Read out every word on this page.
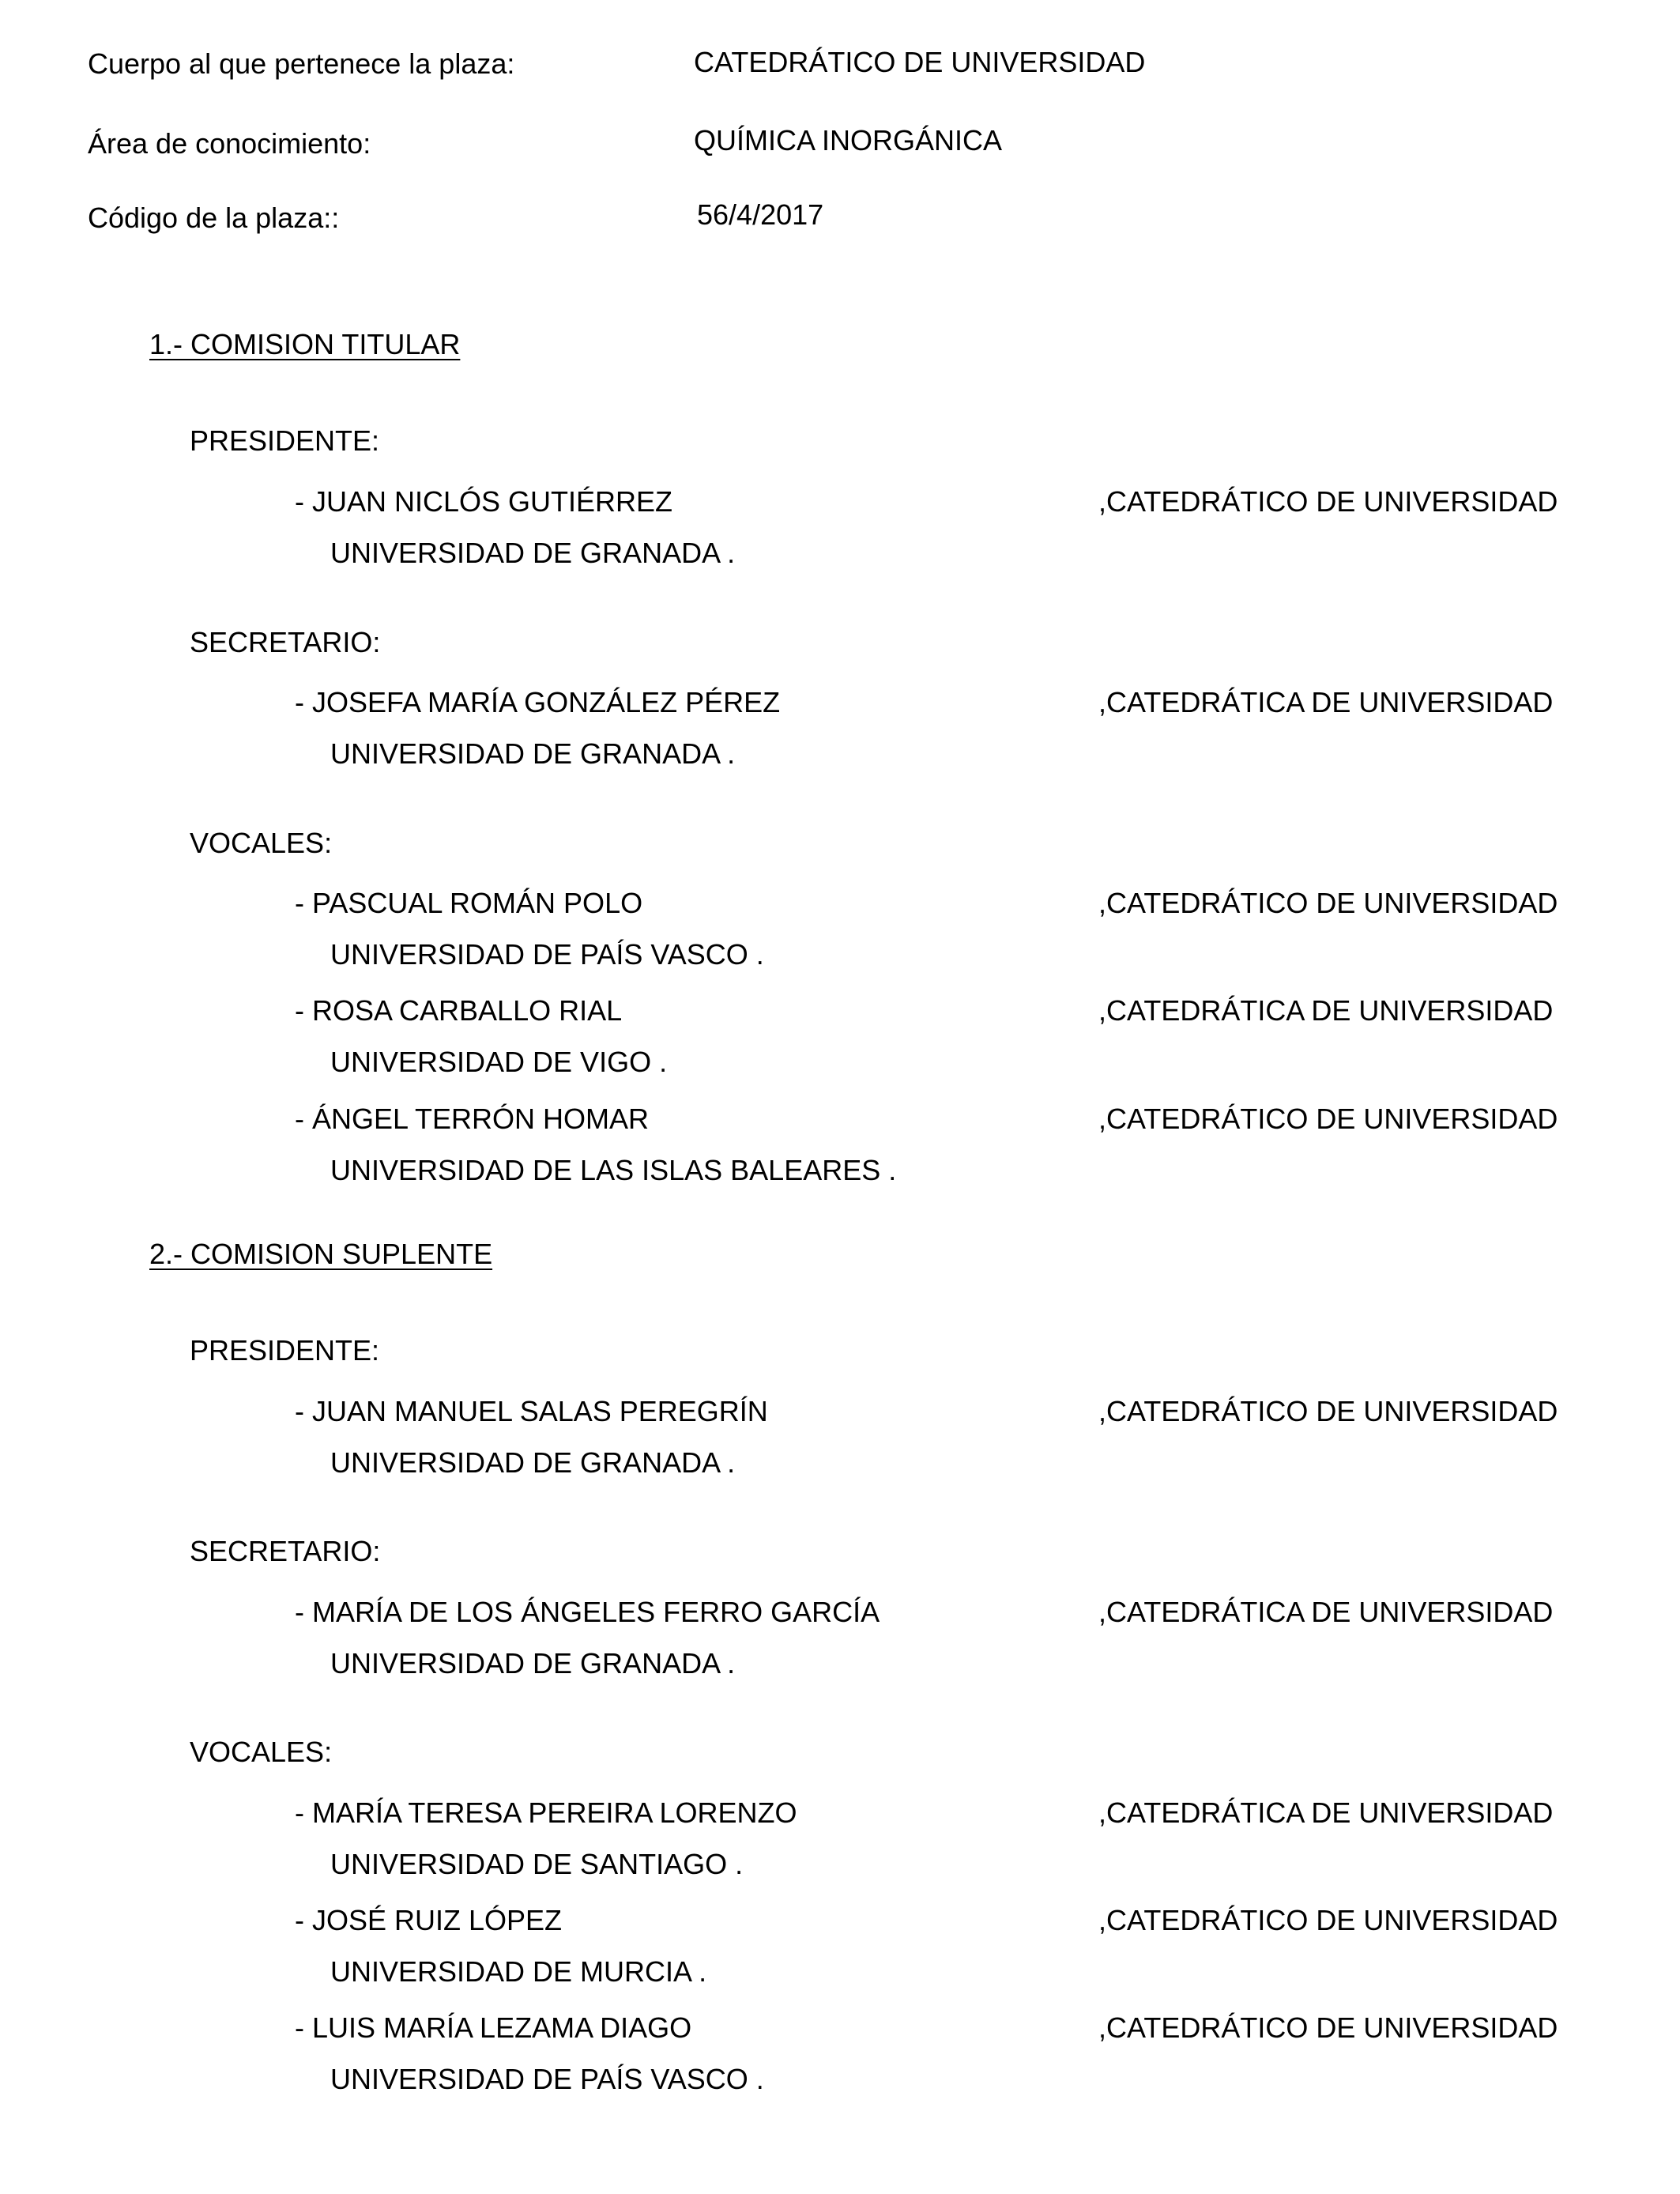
Cuerpo al que pertenece la plaza:	CATEDRÁTICO DE UNIVERSIDAD
Área de conocimiento:	QUÍMICA INORGÁNICA
Código de la plaza::	56/4/2017
1.- COMISION TITULAR
PRESIDENTE:
- JUAN NICLÓS GUTIÉRREZ	,CATEDRÁTICO DE UNIVERSIDAD
UNIVERSIDAD DE GRANADA .
SECRETARIO:
- JOSEFA MARÍA GONZÁLEZ PÉREZ	,CATEDRÁTICA DE UNIVERSIDAD
UNIVERSIDAD DE GRANADA .
VOCALES:
- PASCUAL ROMÁN POLO	,CATEDRÁTICO DE UNIVERSIDAD
UNIVERSIDAD DE PAÍS VASCO .
- ROSA CARBALLO RIAL	,CATEDRÁTICA DE UNIVERSIDAD
UNIVERSIDAD DE VIGO .
- ÁNGEL TERRÓN HOMAR	,CATEDRÁTICO DE UNIVERSIDAD
UNIVERSIDAD DE LAS ISLAS BALEARES .
2.- COMISION SUPLENTE
PRESIDENTE:
- JUAN MANUEL SALAS PEREGRÍN	,CATEDRÁTICO DE UNIVERSIDAD
UNIVERSIDAD DE GRANADA .
SECRETARIO:
- MARÍA DE LOS ÁNGELES FERRO GARCÍA	,CATEDRÁTICA DE UNIVERSIDAD
UNIVERSIDAD DE GRANADA .
VOCALES:
- MARÍA TERESA PEREIRA LORENZO	,CATEDRÁTICA DE UNIVERSIDAD
UNIVERSIDAD DE SANTIAGO .
- JOSÉ RUIZ LÓPEZ	,CATEDRÁTICO DE UNIVERSIDAD
UNIVERSIDAD DE MURCIA .
- LUIS MARÍA LEZAMA DIAGO	,CATEDRÁTICO DE UNIVERSIDAD
UNIVERSIDAD DE PAÍS VASCO .
